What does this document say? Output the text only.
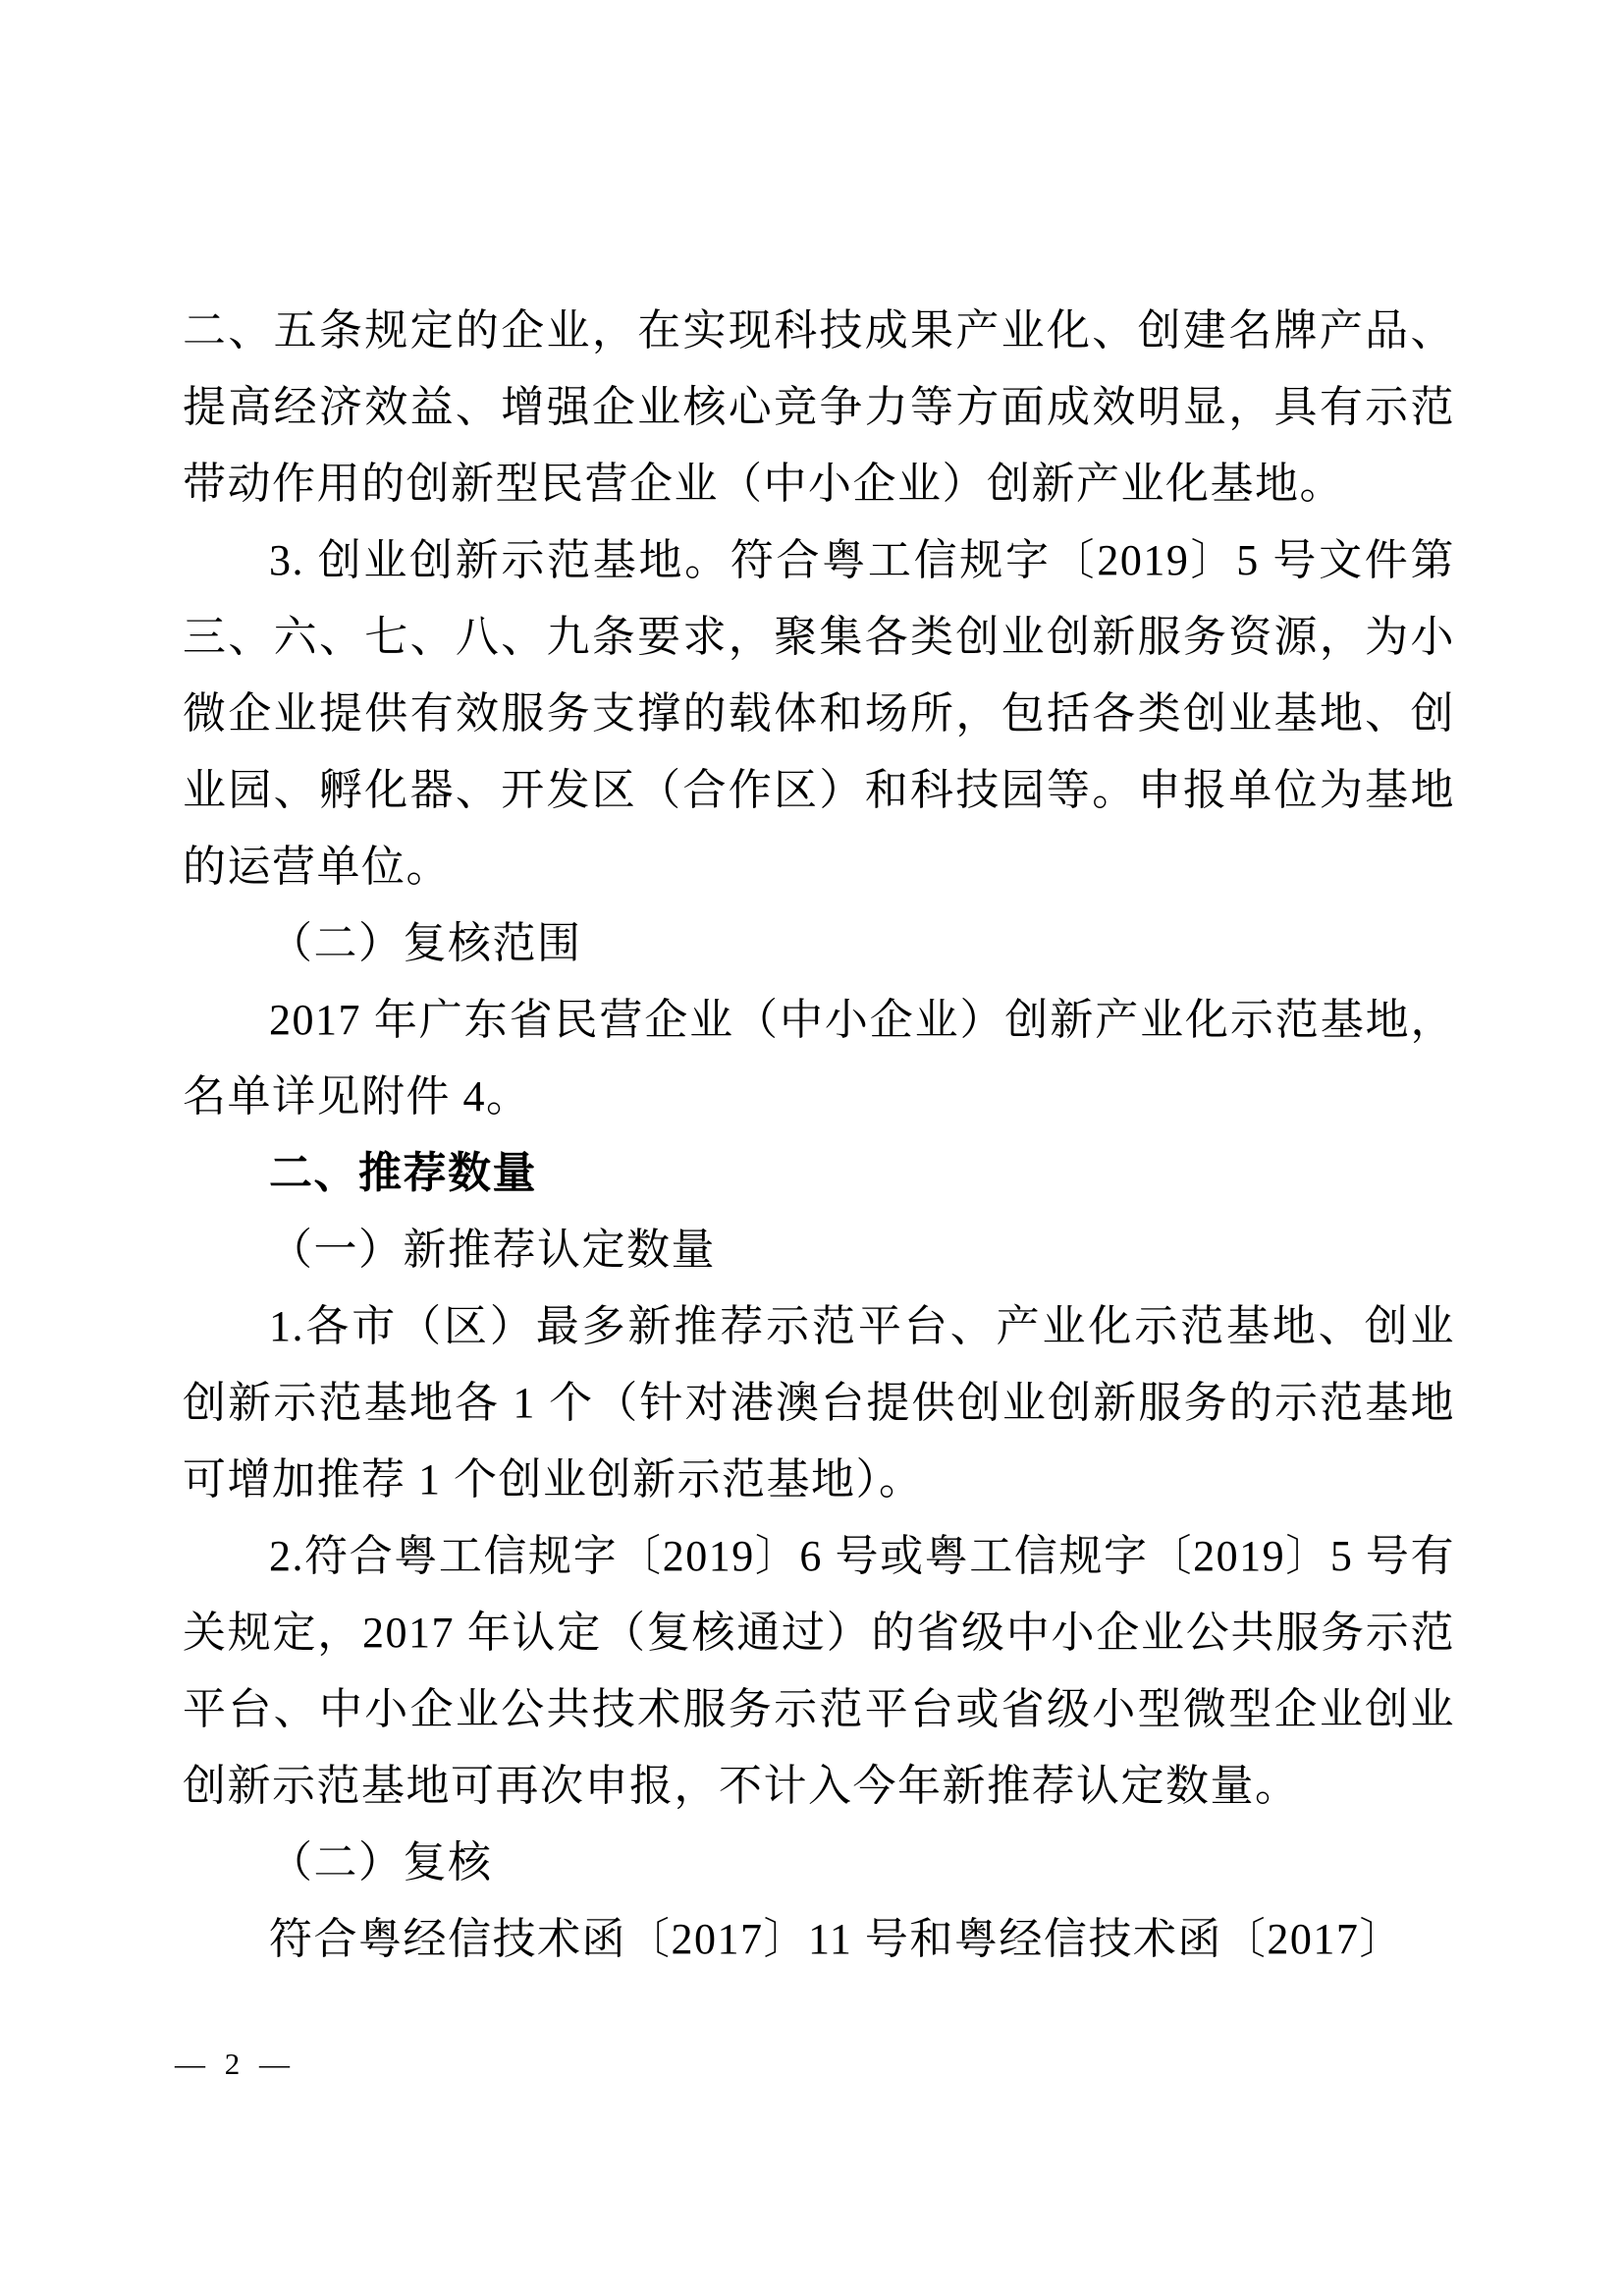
二、五条规定的企业，在实现科技成果产业化、创建名牌产品、提高经济效益、增强企业核心竞争力等方面成效明显，具有示范带动作用的创新型民营企业（中小企业）创新产业化基地。

3. 创业创新示范基地。符合粤工信规字〔2019〕5 号文件第三、六、七、八、九条要求，聚集各类创业创新服务资源，为小微企业提供有效服务支撑的载体和场所，包括各类创业基地、创业园、孵化器、开发区（合作区）和科技园等。申报单位为基地的运营单位。

（二）复核范围

2017 年广东省民营企业（中小企业）创新产业化示范基地，名单详见附件 4。

二、推荐数量

（一）新推荐认定数量

1.各市（区）最多新推荐示范平台、产业化示范基地、创业创新示范基地各 1 个（针对港澳台提供创业创新服务的示范基地可增加推荐 1 个创业创新示范基地）。

2.符合粤工信规字〔2019〕6 号或粤工信规字〔2019〕5 号有关规定，2017 年认定（复核通过）的省级中小企业公共服务示范平台、中小企业公共技术服务示范平台或省级小型微型企业创业创新示范基地可再次申报，不计入今年新推荐认定数量。

（二）复核

符合粤经信技术函〔2017〕11 号和粤经信技术函〔2017〕

— 2 —
